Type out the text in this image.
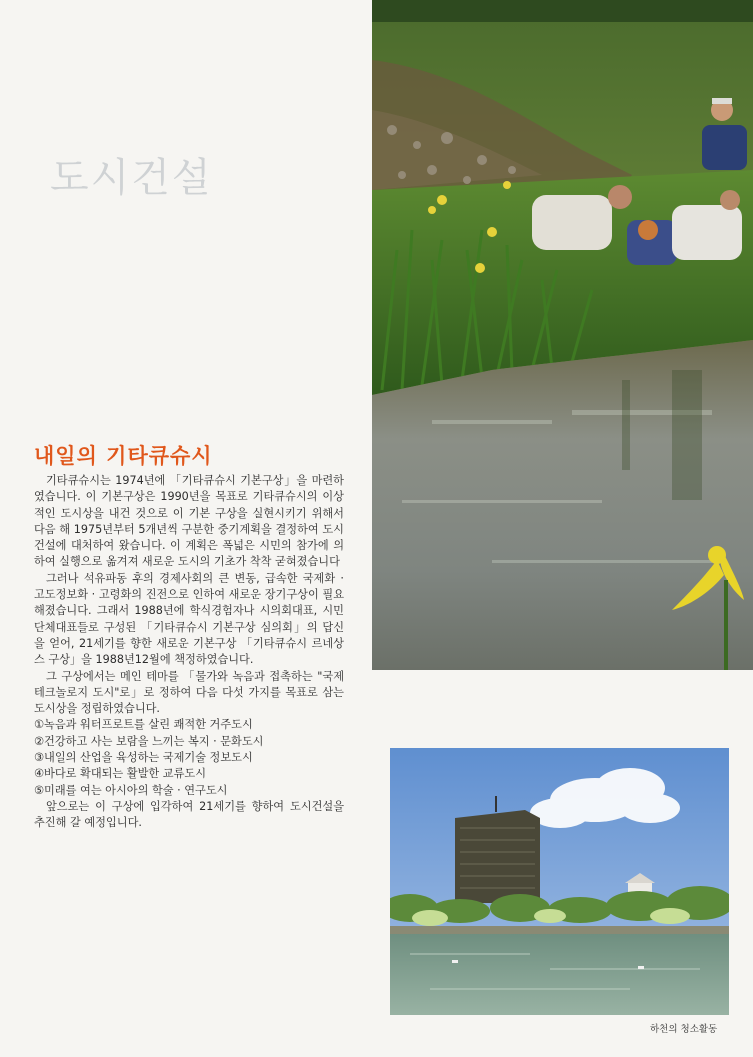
도시건설
내일의 기타큐슈시

기타큐슈시는 1974년에 「기타큐슈시 기본구상」을 마련하였습니다. 이 기본구상은 1990년을 목표로 기타큐슈시의 이상적인 도시상을 내건 것으로 이 기본 구상을 실현시키기 위해서 다음 해 1975년부터 5개년씩 구분한 중기계획을 결정하여 도시건설에 대처하여 왔습니다. 이 계획은 폭넓은 시민의 참가에 의하여 실행으로 옮겨져 새로운 도시의 기초가 착착 굳혀졌습니다

그러나 석유파동 후의 경제사회의 큰 변동, 급속한 국제화 · 고도정보화 · 고령화의 진전으로 인하여 새로운 장기구상이 필요해졌습니다. 그래서 1988년에 학식경험자나 시의회대표, 시민단체대표들로 구성된 「기타큐슈시 기본구상 심의회」의 답신을 얻어, 21세기를 향한 새로운 기본구상 「기타큐슈시 르네상스 구상」을 1988년12월에 책정하였습니다.

그 구상에서는 메인 테마를 「물가와 녹음과 접촉하는 "국제 테크놀로지 도시"로」로 정하여 다음 다섯 가지를 목표로 삼는 도시상을 정립하였습니다.

①녹음과 워터프로트를 살린 쾌적한 거주도시
②건강하고 사는 보람을 느끼는 복지 · 문화도시
③내일의 산업을 육성하는 국제기술 정보도시
④바다로 확대되는 활발한 교류도시
⑤미래를 여는 아시아의 학술 · 연구도시

앞으로는 이 구상에 입각하여 21세기를 향하여 도시건설을 추진해 갈 예정입니다.

하천의 청소활동
